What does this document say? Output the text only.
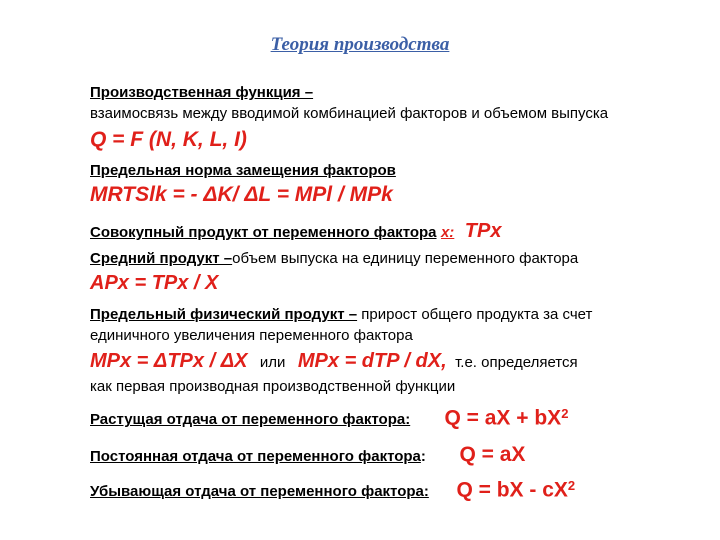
Теория производства
Производственная функция –
взаимосвязь между вводимой комбинацией факторов и объемом выпуска
Q = F (N, K, L, I)
Предельная норма замещения факторов
MRTSlk = - ΔK/ ΔL = MPl / MPk
Совокупный продукт от переменного фактора х: TPx
Средний продукт –объем выпуска на единицу переменного фактора
APx = TPx / X
Предельный физический продукт – прирост общего продукта за счет
единичного увеличения переменного фактора
MPx = ΔTPx / ΔX или MPx = dTP / dX, т.е. определяется
как первая производная производственной функции
Растущая отдача от переменного фактора: Q = aX + $bX^2$
Постоянная отдача от переменного фактора: Q = aX
Убывающая отдача от переменного фактора: Q = bX - $cX^2$
